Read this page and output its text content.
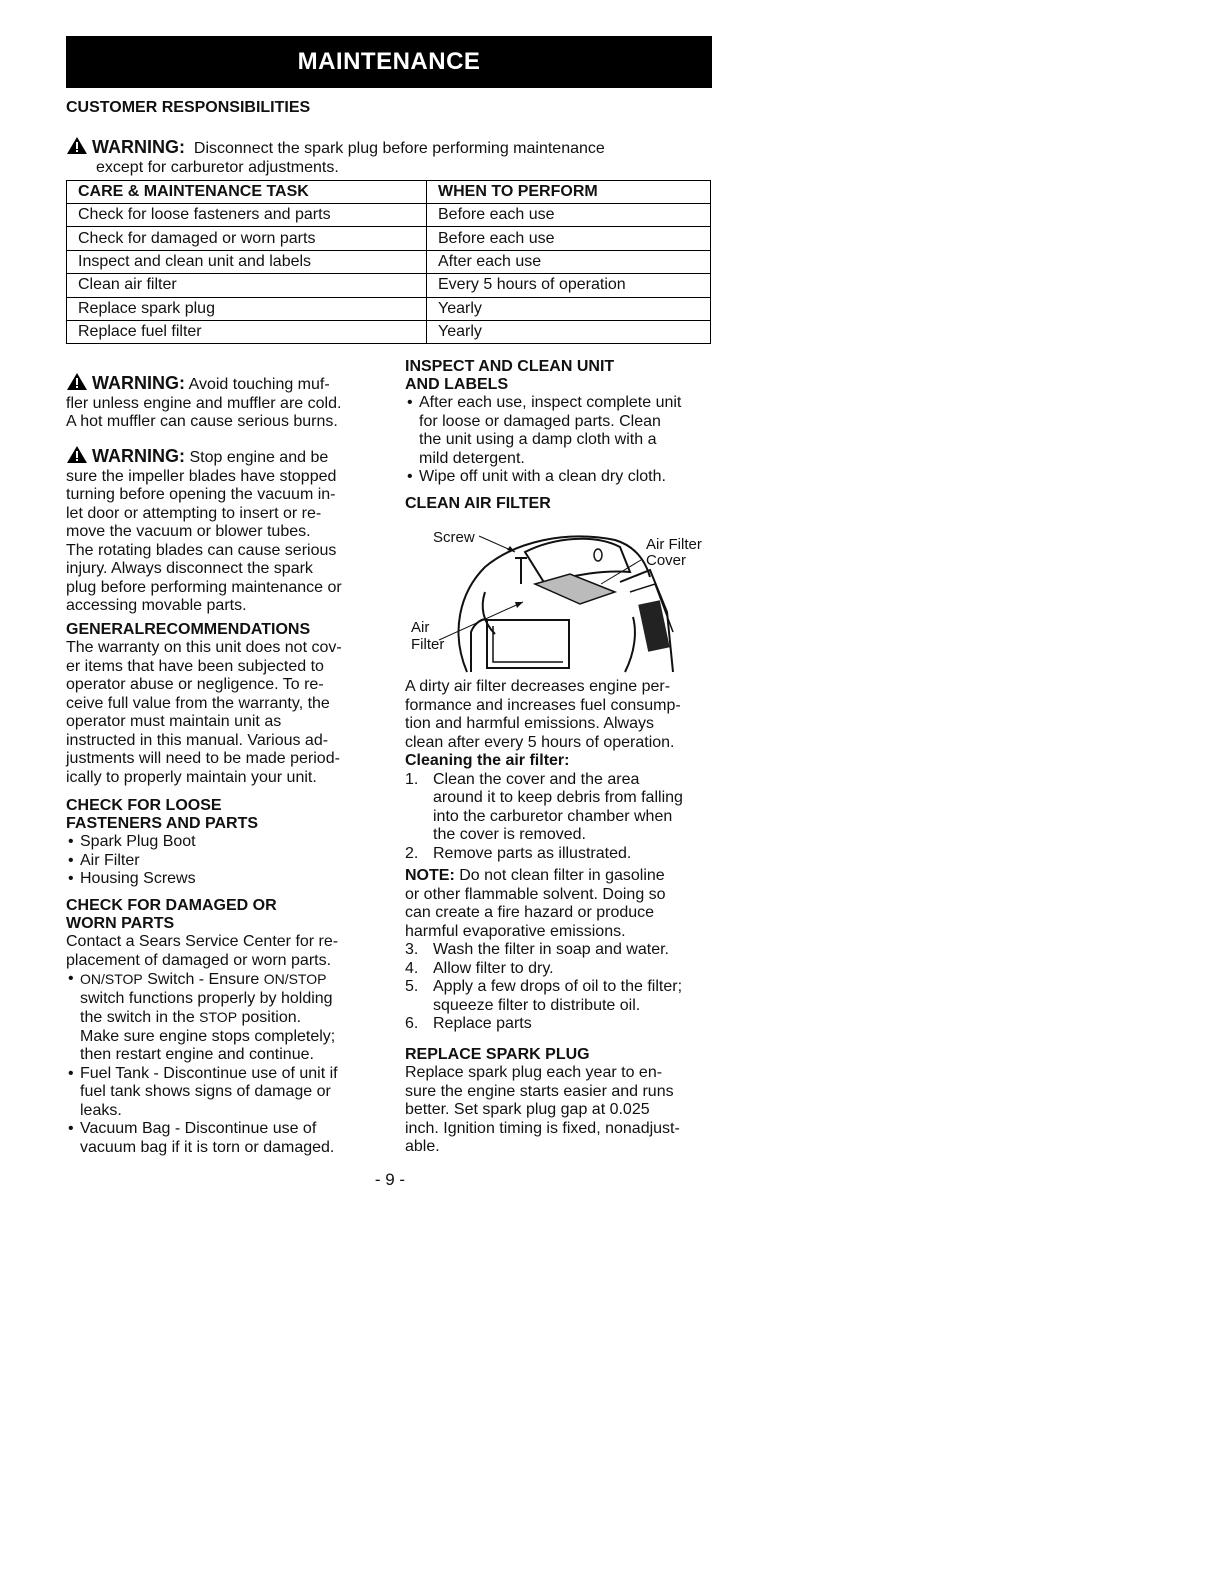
MAINTENANCE
CUSTOMER RESPONSIBILITIES
WARNING: Disconnect the spark plug before performing maintenance
except for carburetor adjustments.
CARE & MAINTENANCE TASK	WHEN TO PERFORM
Check for loose fasteners and parts	Before each use
Check for damaged or worn parts	Before each use
Inspect and clean unit and labels	After each use
Clean air filter	Every 5 hours of operation
Replace spark plug	Yearly
Replace fuel filter	Yearly
WARNING: Avoid touching muf-
fler unless engine and muffler are cold.
A hot muffler can cause serious burns.
WARNING: Stop engine and be
sure the impeller blades have stopped
turning before opening the vacuum in-
let door or attempting to insert or re-
move the vacuum or blower tubes.
The rotating blades can cause serious
injury. Always disconnect the spark
plug before performing maintenance or
accessing movable parts.
GENERALRECOMMENDATIONS
The warranty on this unit does not cov-
er items that have been subjected to
operator abuse or negligence. To re-
ceive full value from the warranty, the
operator must maintain unit as
instructed in this manual. Various ad-
justments will need to be made period-
ically to properly maintain your unit.
CHECK FOR LOOSE
FASTENERS AND PARTS
• Spark Plug Boot
• Air Filter
• Housing Screws
CHECK FOR DAMAGED OR
WORN PARTS
Contact a Sears Service Center for re-
placement of damaged or worn parts.
• ON/STOP Switch - Ensure ON/STOP
switch functions properly by holding
the switch in the STOP position.
Make sure engine stops completely;
then restart engine and continue.
• Fuel Tank - Discontinue use of unit if
fuel tank shows signs of damage or
leaks.
• Vacuum Bag - Discontinue use of
vacuum bag if it is torn or damaged.
INSPECT AND CLEAN UNIT
AND LABELS
• After each use, inspect complete unit
for loose or damaged parts. Clean
the unit using a damp cloth with a
mild detergent.
• Wipe off unit with a clean dry cloth.
CLEAN AIR FILTER
Screw	Air Filter
Cover
Air
Filter
A dirty air filter decreases engine per-
formance and increases fuel consump-
tion and harmful emissions. Always
clean after every 5 hours of operation.
Cleaning the air filter:
1. Clean the cover and the area
around it to keep debris from falling
into the carburetor chamber when
the cover is removed.
2. Remove parts as illustrated.
NOTE: Do not clean filter in gasoline
or other flammable solvent. Doing so
can create a fire hazard or produce
harmful evaporative emissions.
3. Wash the filter in soap and water.
4. Allow filter to dry.
5. Apply a few drops of oil to the filter;
squeeze filter to distribute oil.
6. Replace parts
REPLACE SPARK PLUG
Replace spark plug each year to en-
sure the engine starts easier and runs
better. Set spark plug gap at 0.025
inch. Ignition timing is fixed, nonadjust-
able.
- 9 -
